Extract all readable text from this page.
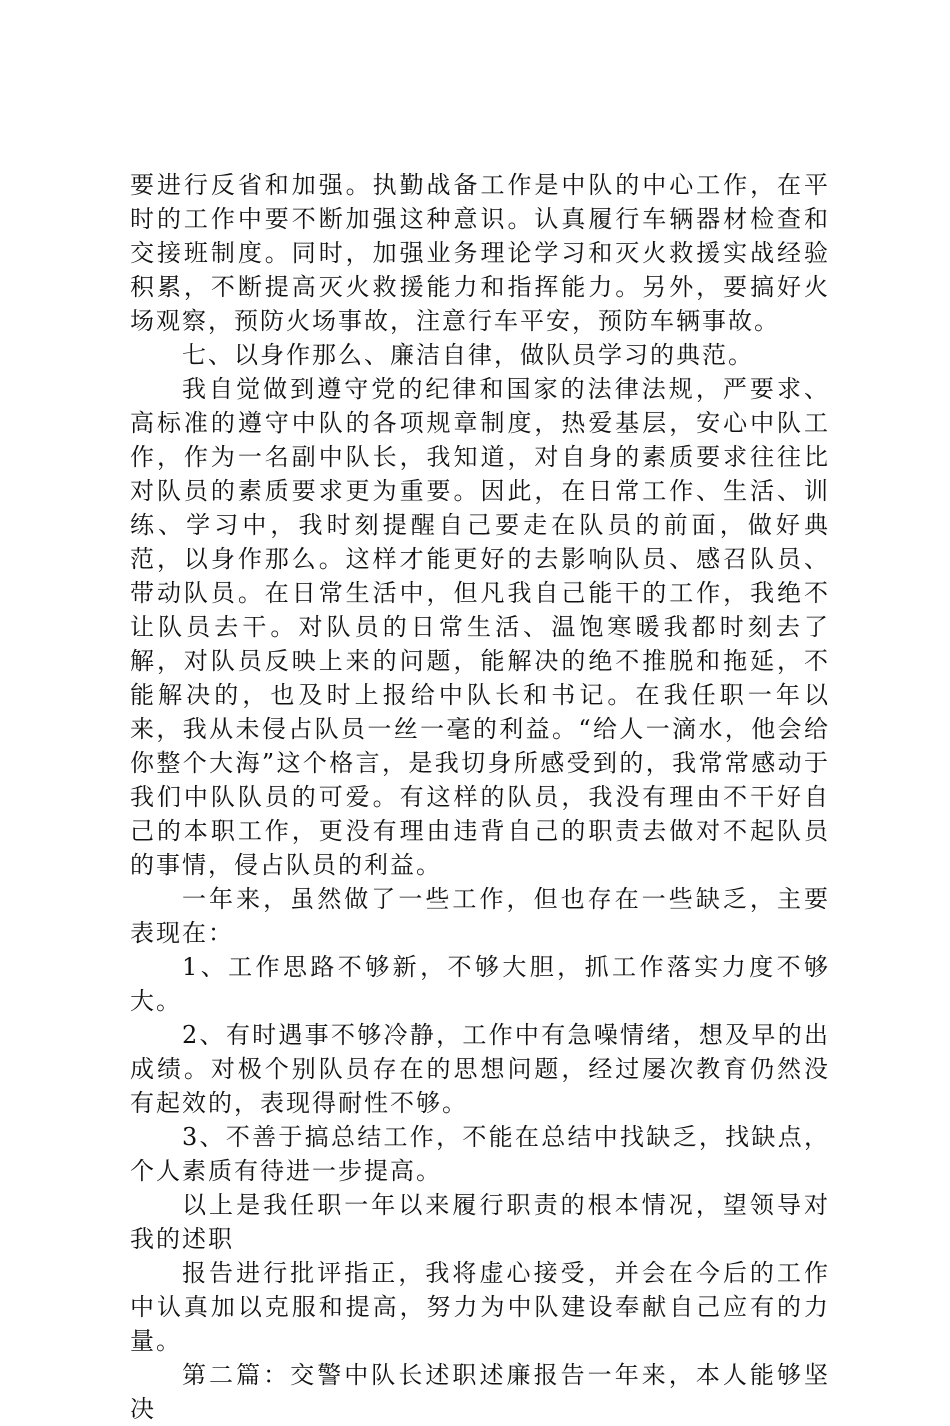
要进行反省和加强。执勤战备工作是中队的中心工作，在平时的工作中要不断加强这种意识。认真履行车辆器材检查和交接班制度。同时，加强业务理论学习和灭火救援实战经验积累，不断提高灭火救援能力和指挥能力。另外，要搞好火场观察，预防火场事故，注意行车平安，预防车辆事故。

七、以身作那么、廉洁自律，做队员学习的典范。

我自觉做到遵守党的纪律和国家的法律法规，严要求、高标准的遵守中队的各项规章制度，热爱基层，安心中队工作，作为一名副中队长，我知道，对自身的素质要求往往比对队员的素质要求更为重要。因此，在日常工作、生活、训练、学习中，我时刻提醒自己要走在队员的前面，做好典范，以身作那么。这样才能更好的去影响队员、感召队员、带动队员。在日常生活中，但凡我自己能干的工作，我绝不让队员去干。对队员的日常生活、温饱寒暖我都时刻去了解，对队员反映上来的问题，能解决的绝不推脱和拖延，不能解决的，也及时上报给中队长和书记。在我任职一年以来，我从未侵占队员一丝一毫的利益。“给人一滴水，他会给你整个大海”这个格言，是我切身所感受到的，我常常感动于我们中队队员的可爱。有这样的队员，我没有理由不干好自己的本职工作，更没有理由违背自己的职责去做对不起队员的事情，侵占队员的利益。

一年来，虽然做了一些工作，但也存在一些缺乏，主要表现在：

1、工作思路不够新，不够大胆，抓工作落实力度不够大。

2、有时遇事不够冷静，工作中有急噪情绪，想及早的出成绩。对极个别队员存在的思想问题，经过屡次教育仍然没有起效的，表现得耐性不够。

3、不善于搞总结工作，不能在总结中找缺乏，找缺点，个人素质有待进一步提高。

以上是我任职一年以来履行职责的根本情况，望领导对我的述职

报告进行批评指正，我将虚心接受，并会在今后的工作中认真加以克服和提高，努力为中队建设奉献自己应有的力量。

第二篇：交警中队长述职述廉报告一年来，本人能够坚决
